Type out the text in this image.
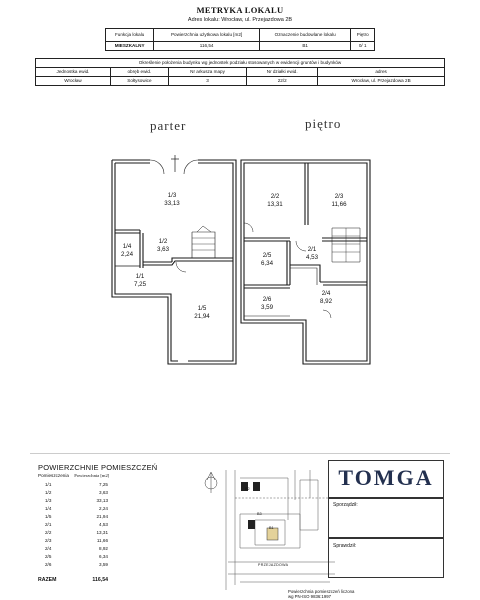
METRYKA LOKALU
Adres lokalu: Wrocław, ul. Przejazdowa 2B
Funkcja lokalu	Powierzchnia użytkowa lokalu [m2]	Oznaczenie budowlane lokalu	Piętro
MIESZKALNY	116,54	B1	0/ 1
Określenie położenia budynku wg jednostek podziału stosowanych w ewidencji gruntów i budynków				
Jednostka ewid.	obręb ewid.	Nr arkusza mapy	Nr działki ewid.	adres
Wrocław	Sołtysowice	3	22/2	Wrocław, ul. Przejazdowa 2B
parter	piętro
1/3
33,13
1/2
3,63
1/4
2,24
1/1
7,25
1/5
21,94
2/2
13,31
2/3
11,66
2/1
4,53
2/5
6,34
2/6
3,59
2/4
8,92
POWIERZCHNIE POMIESZCZEŃ
Pomieszczenia Powierzchnia [m2]
1/1	7,25
1/2	3,63
1/3	33,13
1/4	2,24
1/5	21,94
2/1	4,53
2/2	13,31
2/3	11,66
2/4	8,92
2/5	6,34
2/6	3,59
RAZEM	116,54
B2
B3
B1
PRZEJAZDOWA
TOMGA
Sporządził:
Sprawdził:
Powierzchnia pomieszczeń liczona wg PN-ISO 9836:1997
